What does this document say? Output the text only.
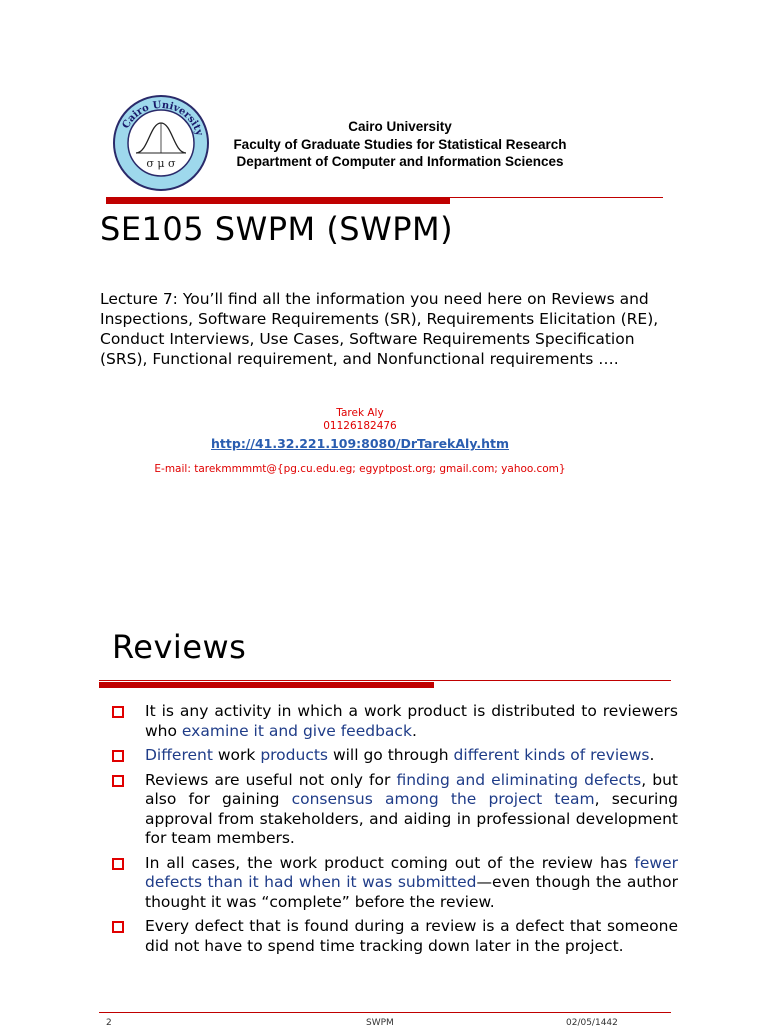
Cairo University
σ μ σ
Cairo University
Faculty of Graduate Studies for Statistical Research
Department of Computer and Information Sciences
SE105 SWPM (SWPM)
Lecture 7: You’ll find all the information you need here on Reviews and Inspections, Software Requirements (SR), Requirements Elicitation (RE), Conduct Interviews, Use Cases, Software Requirements Specification (SRS), Functional requirement, and Nonfunctional requirements ….
Tarek Aly
01126182476
http://41.32.221.109:8080/DrTarekAly.htm
E-mail: tarekmmmmt@{pg.cu.edu.eg; egyptpost.org; gmail.com; yahoo.com}
Reviews
It is any activity in which a work product is distributed to reviewers who examine it and give feedback.
Different work products will go through different kinds of reviews.
Reviews are useful not only for finding and eliminating defects, but also for gaining consensus among the project team, securing approval from stakeholders, and aiding in professional development for team members.
In all cases, the work product coming out of the review has fewer defects than it had when it was submitted—even though the author thought it was “complete” before the review.
Every defect that is found during a review is a defect that someone did not have to spend time tracking down later in the project.
2	SWPM	02/05/1442
